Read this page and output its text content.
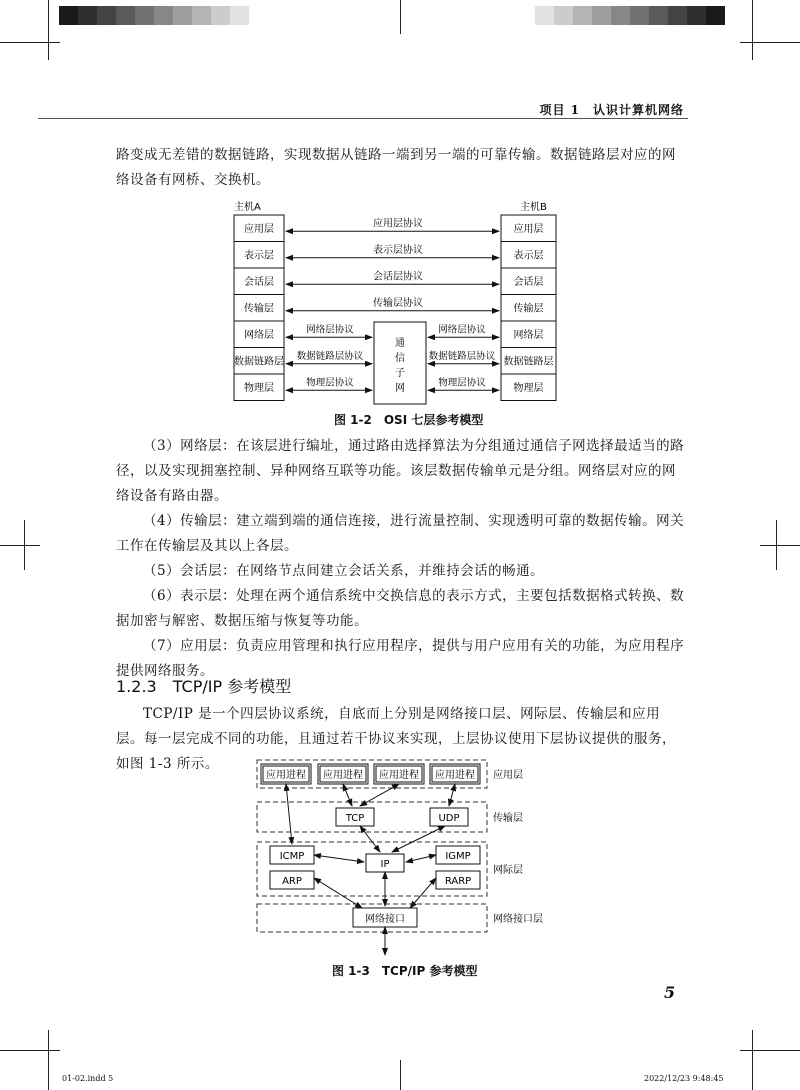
项目 1　认识计算机网络

路变成无差错的数据链路，实现数据从链路一端到另一端的可靠传输。数据链路层对应的网络设备有网桥、交换机。

主机A	主机B
应用层
表示层
会话层
传输层
网络层
数据链路层
物理层
应用层
表示层
会话层
传输层
网络层
数据链路层
物理层
应用层协议
表示层协议
会话层协议
传输层协议
网络层协议	网络层协议
数据链路层协议	数据链路层协议
物理层协议	物理层协议
通
信
子
网
图 1-2　OSI 七层参考模型

（3）网络层：在该层进行编址，通过路由选择算法为分组通过通信子网选择最适当的路径，以及实现拥塞控制、异种网络互联等功能。该层数据传输单元是分组。网络层对应的网络设备有路由器。

（4）传输层：建立端到端的通信连接，进行流量控制、实现透明可靠的数据传输。网关工作在传输层及其以上各层。

（5）会话层：在网络节点间建立会话关系，并维持会话的畅通。

（6）表示层：处理在两个通信系统中交换信息的表示方式，主要包括数据格式转换、数据加密与解密、数据压缩与恢复等功能。

（7）应用层：负责应用管理和执行应用程序，提供与用户应用有关的功能，为应用程序提供网络服务。

1.2.3 TCP/IP 参考模型

TCP/IP 是一个四层协议系统，自底而上分别是网络接口层、网际层、传输层和应用层。每一层完成不同的功能，且通过若干协议来实现，上层协议使用下层协议提供的服务，如图 1-3 所示。

应用层
传输层
网际层
网络接口层
应用进程 应用进程 应用进程 应用进程
TCP	UDP
ICMP	IGMP
IP
ARP	RARP
网络接口
图 1-3　TCP/IP 参考模型
5
01-02.indd 5	2022/12/23 9:48:45
